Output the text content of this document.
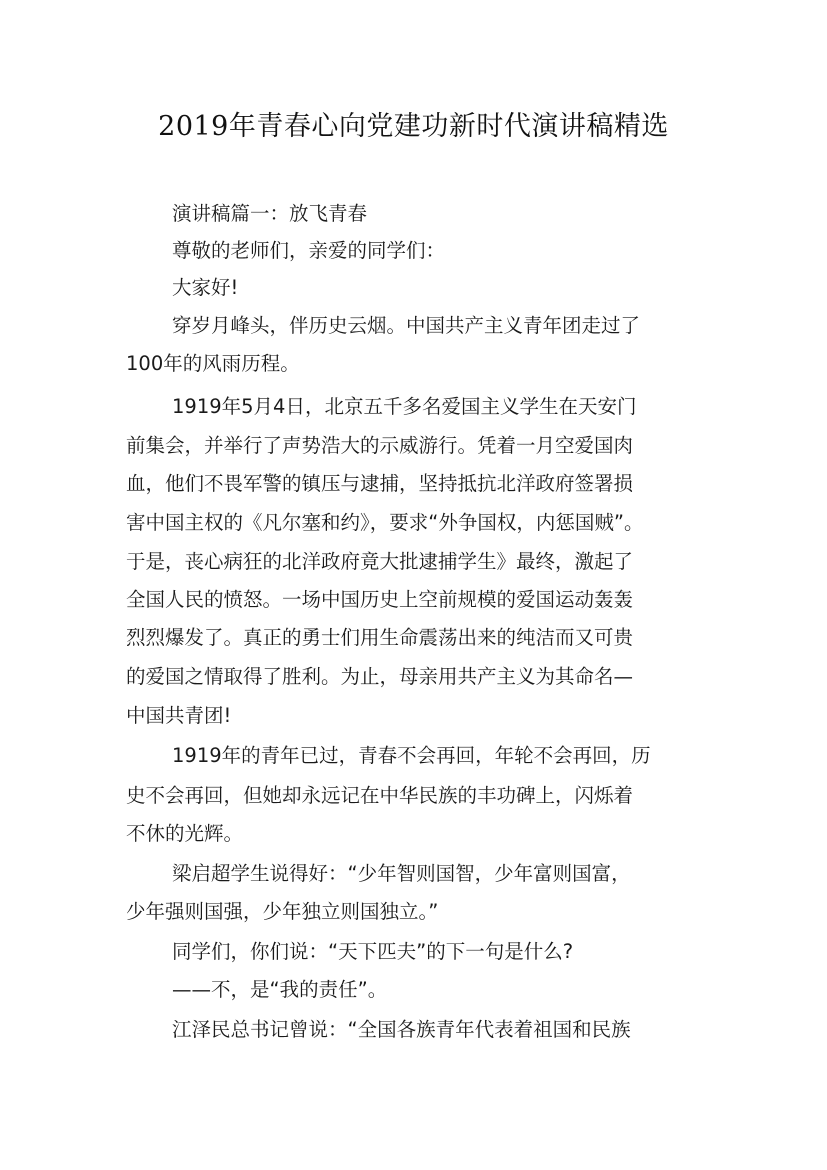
2019年青春心向党建功新时代演讲稿精选
演讲稿篇一：放飞青春
尊敬的老师们，亲爱的同学们：
大家好!
穿岁月峰头，伴历史云烟。中国共产主义青年团走过了
100年的风雨历程。
1919年5月4日，北京五千多名爱国主义学生在天安门
前集会，并举行了声势浩大的示威游行。凭着一月空爱国肉
血，他们不畏军警的镇压与逮捕，坚持抵抗北洋政府签署损
害中国主权的《凡尔塞和约》，要求“外争国权，内惩国贼”。
于是，丧心病狂的北洋政府竟大批逮捕学生》最终，激起了
全国人民的愤怒。一场中国历史上空前规模的爱国运动轰轰
烈烈爆发了。真正的勇士们用生命震荡出来的纯洁而又可贵
的爱国之情取得了胜利。为止，母亲用共产主义为其命名—
中国共青团!
1919年的青年已过，青春不会再回，年轮不会再回，历
史不会再回，但她却永远记在中华民族的丰功碑上，闪烁着
不休的光辉。
梁启超学生说得好：“少年智则国智，少年富则国富，
少年强则国强，少年独立则国独立。”
同学们，你们说：“天下匹夫”的下一句是什么?
——不，是“我的责任”。
江泽民总书记曾说：“全国各族青年代表着祖国和民族
